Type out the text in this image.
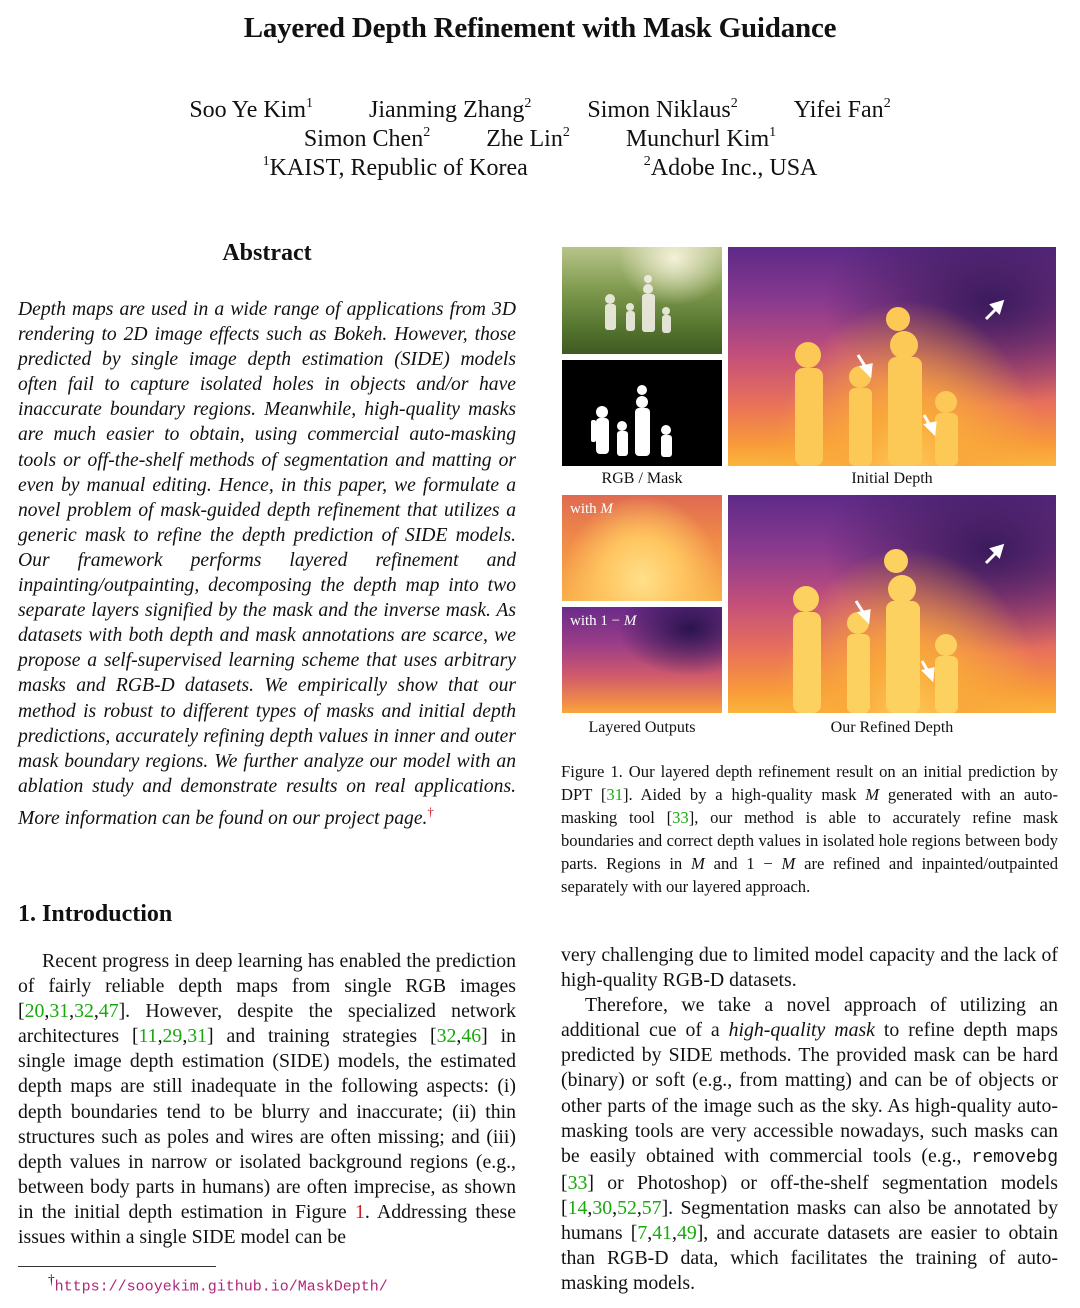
Layered Depth Refinement with Mask Guidance
Soo Ye Kim$^1$ Jianming Zhang$^2$ Simon Niklaus$^2$ Yifei Fan$^2$
Simon Chen$^2$ Zhe Lin$^2$ Munchurl Kim$^1$
$^1$KAIST, Republic of Korea	$^2$Adobe Inc., USA
Abstract
Depth maps are used in a wide range of applications from 3D rendering to 2D image effects such as Bokeh. However, those predicted by single image depth estimation (SIDE) models often fail to capture isolated holes in objects and/or have inaccurate boundary regions. Meanwhile, high-quality masks are much easier to obtain, using commercial auto-masking tools or off-the-shelf methods of segmentation and matting or even by manual editing. Hence, in this paper, we formulate a novel problem of mask-guided depth refinement that utilizes a generic mask to refine the depth prediction of SIDE models. Our framework performs layered refinement and inpainting/outpainting, decomposing the depth map into two separate layers signified by the mask and the inverse mask. As datasets with both depth and mask annotations are scarce, we propose a self-supervised learning scheme that uses arbitrary masks and RGB-D datasets. We empirically show that our method is robust to different types of masks and initial depth predictions, accurately refining depth values in inner and outer mask boundary regions. We further analyze our model with an ablation study and demonstrate results on real applications. More information can be found on our project page.†
RGB / Mask	Initial Depth
with M
with 1 − M
Layered Outputs	Our Refined Depth
Figure 1. Our layered depth refinement result on an initial prediction by DPT [31]. Aided by a high-quality mask M generated with an auto-masking tool [33], our method is able to accurately refine mask boundaries and correct depth values in isolated hole regions between body parts. Regions in M and 1 − M are refined and inpainted/outpainted separately with our layered approach.
1. Introduction

Recent progress in deep learning has enabled the prediction of fairly reliable depth maps from single RGB images [20,31,32,47]. However, despite the specialized network architectures [11,29,31] and training strategies [32,46] in single image depth estimation (SIDE) models, the estimated depth maps are still inadequate in the following aspects: (i) depth boundaries tend to be blurry and inaccurate; (ii) thin structures such as poles and wires are often missing; and (iii) depth values in narrow or isolated background regions (e.g., between body parts in humans) are often imprecise, as shown in the initial depth estimation in Figure 1. Addressing these issues within a single SIDE model can be

very challenging due to limited model capacity and the lack of high-quality RGB-D datasets.

Therefore, we take a novel approach of utilizing an additional cue of a high-quality mask to refine depth maps predicted by SIDE methods. The provided mask can be hard (binary) or soft (e.g., from matting) and can be of objects or other parts of the image such as the sky. As high-quality auto-masking tools are very accessible nowadays, such masks can be easily obtained with commercial tools (e.g., removebg [33] or Photoshop) or off-the-shelf segmentation models [14,30,52,57]. Segmentation masks can also be annotated by humans [7,41,49], and accurate datasets are easier to obtain than RGB-D data, which facilitates the training of auto-masking models.

†https://sooyekim.github.io/MaskDepth/
